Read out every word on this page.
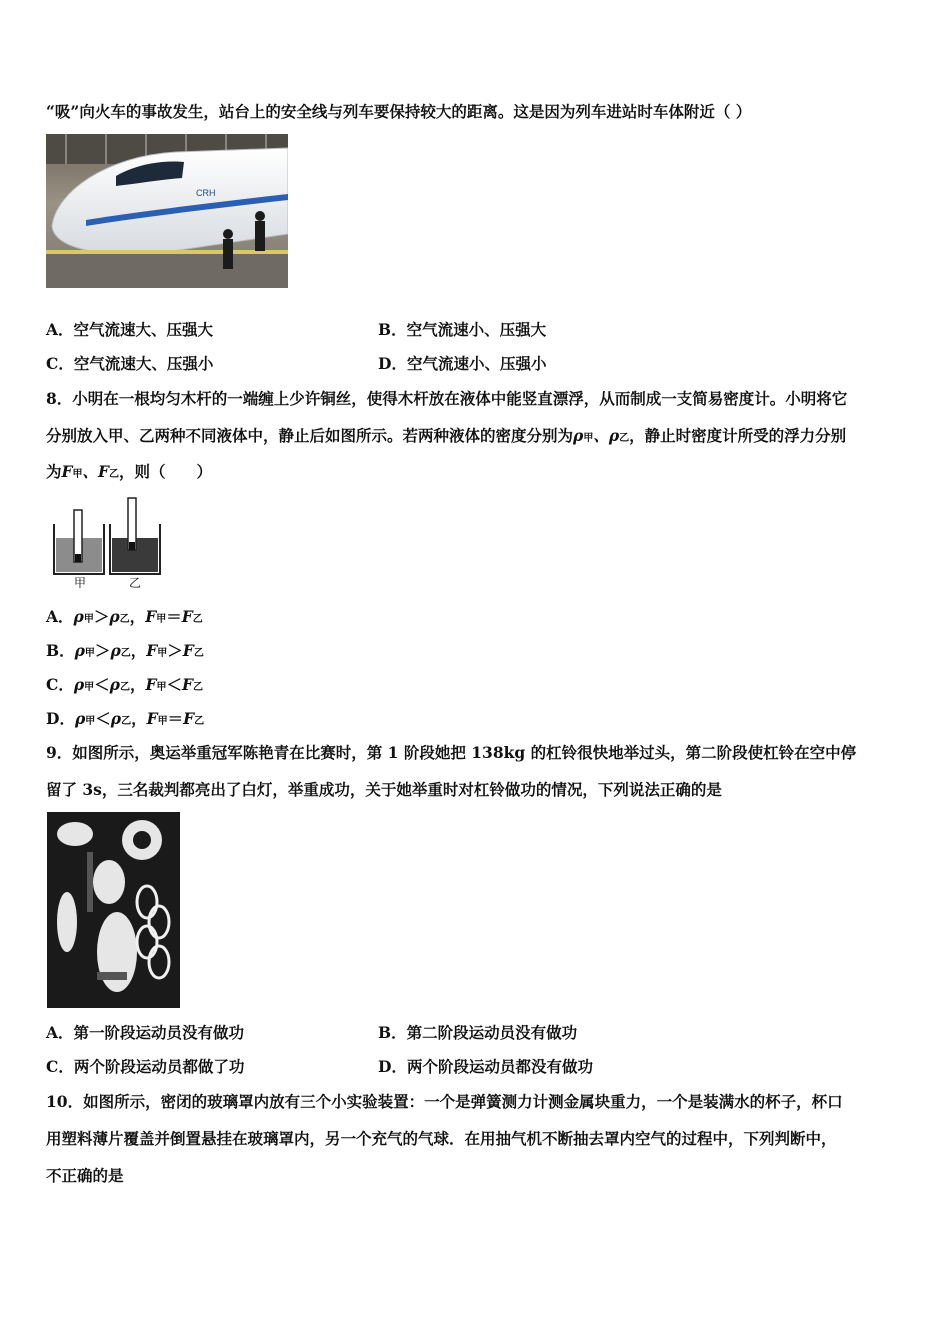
“吸”向火车的事故发生，站台上的安全线与列车要保持较大的距离。这是因为列车进站时车体附近（ ）
CRH
A．空气流速大、压强大	B．空气流速小、压强大
C．空气流速大、压强小	D．空气流速小、压强小
8．小明在一根均匀木杆的一端缠上少许铜丝，使得木杆放在液体中能竖直漂浮，从而制成一支简易密度计。小明将它
分别放入甲、乙两种不同液体中，静止后如图所示。若两种液体的密度分别为ρ甲、ρ乙，静止时密度计所受的浮力分别
为F甲、F乙，则（　　）
甲	乙
A．ρ甲＞ρ乙，F甲＝F乙
B．ρ甲＞ρ乙，F甲＞F乙
C．ρ甲＜ρ乙，F甲＜F乙
D．ρ甲＜ρ乙，F甲＝F乙
9．如图所示，奥运举重冠军陈艳青在比赛时，第 1 阶段她把 138kg 的杠铃很快地举过头，第二阶段使杠铃在空中停
留了 3s，三名裁判都亮出了白灯，举重成功，关于她举重时对杠铃做功的情况，下列说法正确的是
A．第一阶段运动员没有做功	B．第二阶段运动员没有做功
C．两个阶段运动员都做了功	D．两个阶段运动员都没有做功
10．如图所示，密闭的玻璃罩内放有三个小实验装置：一个是弹簧测力计测金属块重力，一个是装满水的杯子，杯口
用塑料薄片覆盖并倒置悬挂在玻璃罩内，另一个充气的气球．在用抽气机不断抽去罩内空气的过程中，下列判断中，
不正确的是
